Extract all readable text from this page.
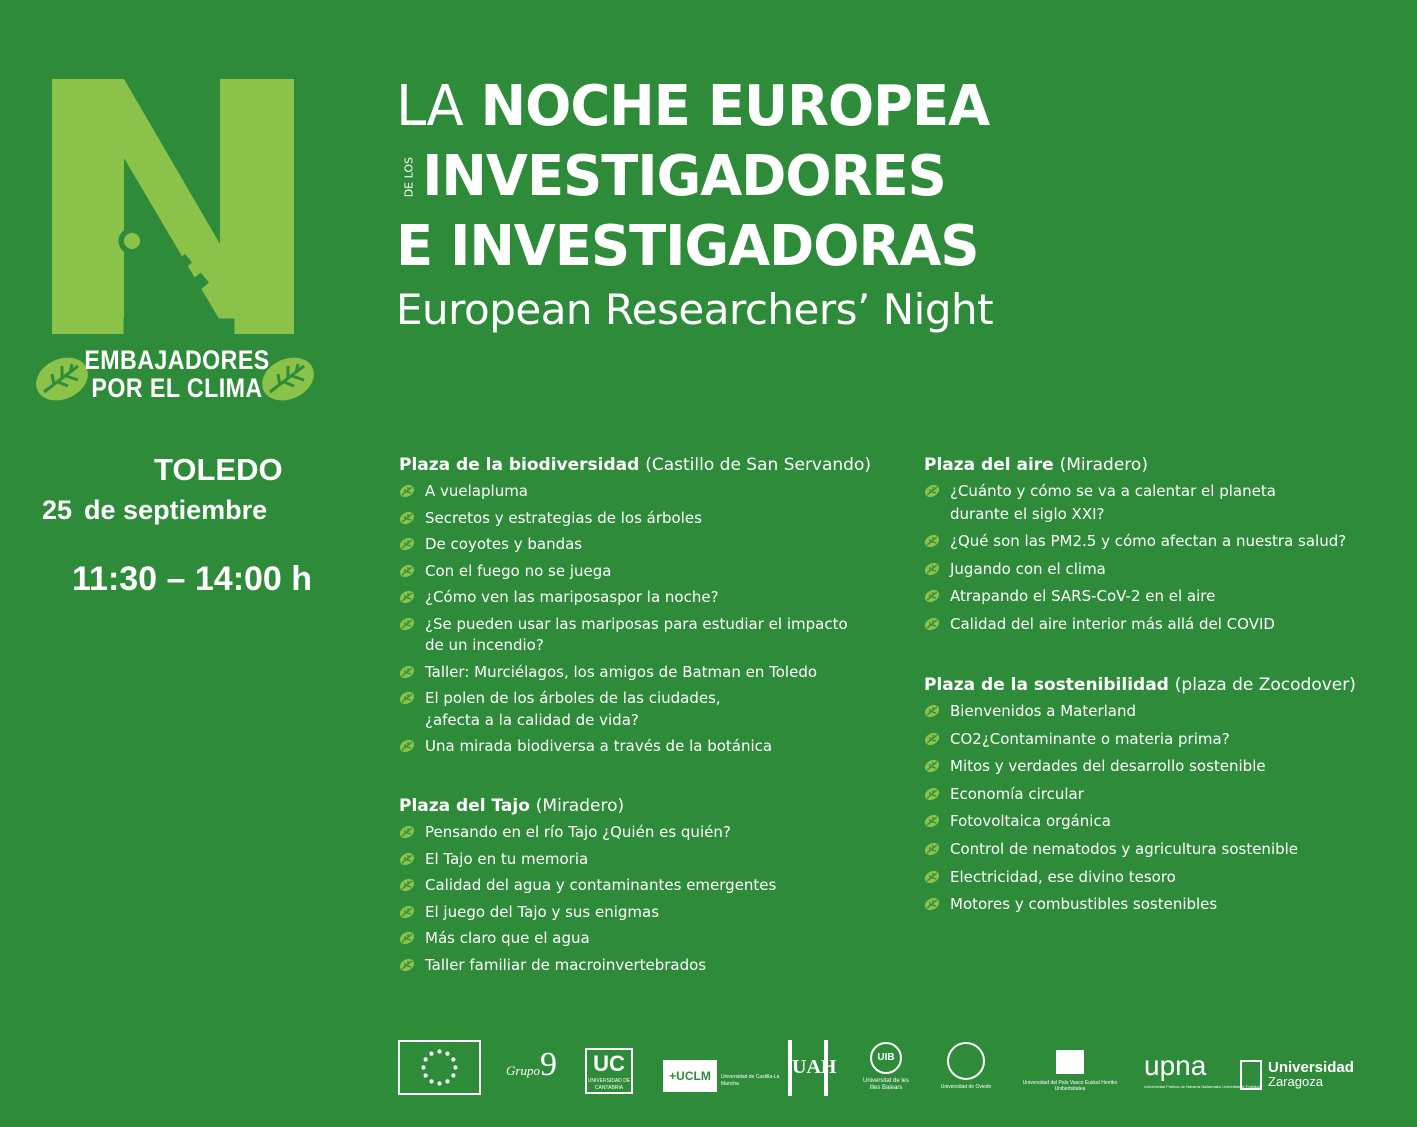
EMBAJADORES
POR EL CLIMA
LA NOCHE EUROPEA
DE LOS INVESTIGADORES
E INVESTIGADORAS
European Researchers’ Night
TOLEDO
25 de septiembre
11:30 – 14:00 h
Plaza de la biodiversidad (Castillo de San Servando)
A vuelapluma
Secretos y estrategias de los árboles
De coyotes y bandas
Con el fuego no se juega
¿Cómo ven las mariposaspor la noche?
¿Se pueden usar las mariposas para estudiar el impacto
de un incendio?
Taller: Murciélagos, los amigos de Batman en Toledo
El polen de los árboles de las ciudades,
¿afecta a la calidad de vida?
Una mirada biodiversa a través de la botánica
Plaza del Tajo (Miradero)
Pensando en el río Tajo ¿Quién es quién?
El Tajo en tu memoria
Calidad del agua y contaminantes emergentes
El juego del Tajo y sus enigmas
Más claro que el agua
Taller familiar de macroinvertebrados
Plaza del aire (Miradero)
¿Cuánto y cómo se va a calentar el planeta
durante el siglo XXI?
¿Qué son las PM2.5 y cómo afectan a nuestra salud?
Jugando con el clima
Atrapando el SARS-CoV-2 en el aire
Calidad del aire interior más allá del COVID
Plaza de la sostenibilidad (plaza de Zocodover)
Bienvenidos a Materland
CO2¿Contaminante o materia prima?
Mitos y verdades del desarrollo sostenible
Economía circular
Fotovoltaica orgánica
Control de nematodos y agricultura sostenible
Electricidad, ese divino tesoro
Motores y combustibles sostenibles
Grupo9	UC
UNIVERSIDAD DE CANTABRIA
+UCLM	Universidad de Castilla-La Mancha
UAH	UIB
Universitat de les Illes Balears	Universidad de Oviedo
Universidad del País Vasco Euskal Herriko Unibertsitatea
upna
Universidad Pública de Navarra Nafarroako Unibertsitate Publikoa
Universidad
Zaragoza
